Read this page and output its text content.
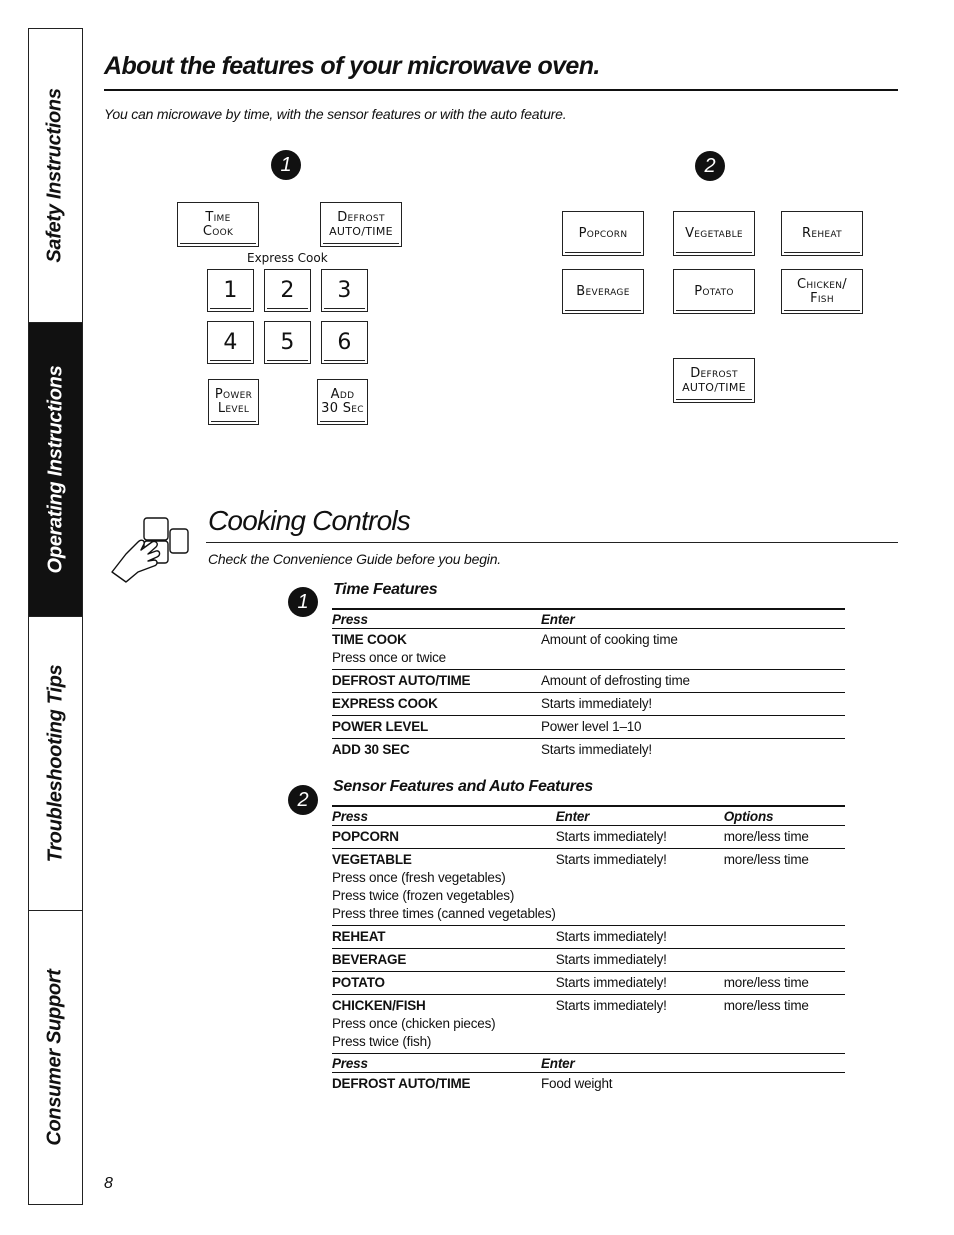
Safety Instructions
Operating Instructions
Troubleshooting Tips
Consumer Support
About the features of your microwave oven.
You can microwave by time, with the sensor features or with the auto feature.
1
Time
Cook
Defrost
AUTO/TIME
Express Cook
1 2 3
4 5 6
Power
Level
Add
30 Sec
2
Popcorn	Vegetable	Reheat
Beverage	Potato	Chicken/
Fish
Defrost
AUTO/TIME
Cooking Controls
Check the Convenience Guide before you begin.
1
Time Features
Press	Enter
TIME COOK
Press once or twice	Amount of cooking time
DEFROST AUTO/TIME	Amount of defrosting time
EXPRESS COOK	Starts immediately!
POWER LEVEL	Power level 1–10
ADD 30 SEC	Starts immediately!
2
Sensor Features and Auto Features
Press	Enter	Options
POPCORN	Starts immediately!	more/less time
VEGETABLE
Press once (fresh vegetables)
Press twice (frozen vegetables)
Press three times (canned vegetables)	Starts immediately!	more/less time
REHEAT	Starts immediately!	
BEVERAGE	Starts immediately!	
POTATO	Starts immediately!	more/less time
CHICKEN/FISH
Press once (chicken pieces)
Press twice (fish)	Starts immediately!	more/less time
Press	Enter
DEFROST AUTO/TIME	Food weight
8
